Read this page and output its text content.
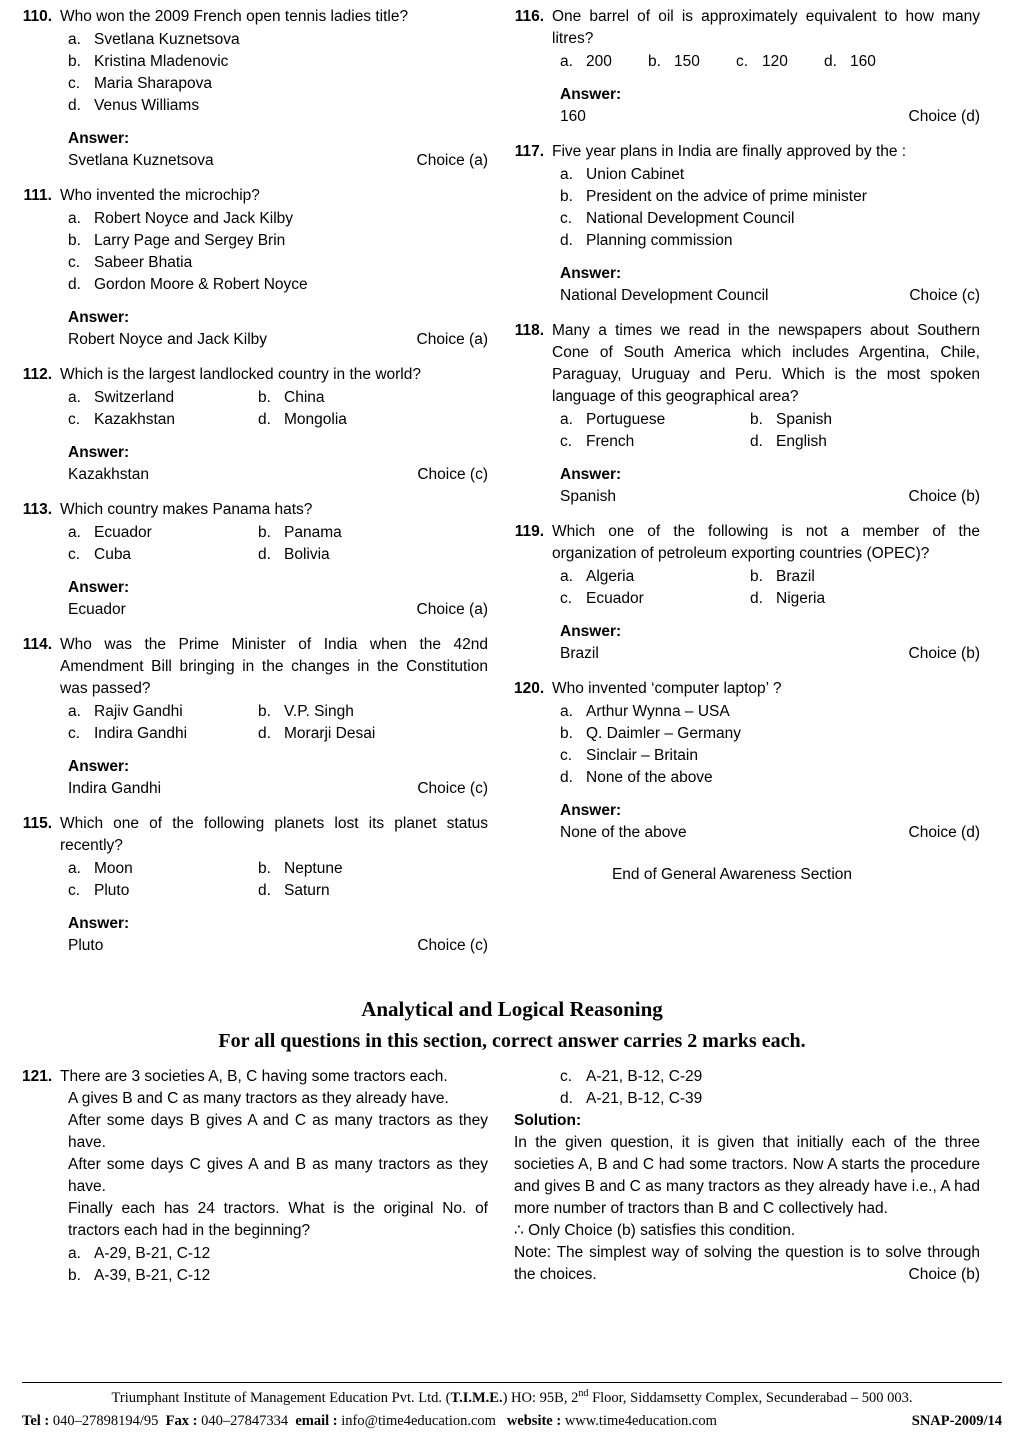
110. Who won the 2009 French open tennis ladies title?
a. Svetlana Kuznetsova
b. Kristina Mladenovic
c. Maria Sharapova
d. Venus Williams
Answer:
Svetlana Kuznetsova	Choice (a)
111. Who invented the microchip?
a. Robert Noyce and Jack Kilby
b. Larry Page and Sergey Brin
c. Sabeer Bhatia
d. Gordon Moore & Robert Noyce
Answer:
Robert Noyce and Jack Kilby	Choice (a)
112. Which is the largest landlocked country in the world?
a. Switzerland	b. China
c. Kazakhstan	d. Mongolia
Answer:
Kazakhstan	Choice (c)
113. Which country makes Panama hats?
a. Ecuador	b. Panama
c. Cuba	d. Bolivia
Answer:
Ecuador	Choice (a)
114. Who was the Prime Minister of India when the 42nd Amendment Bill bringing in the changes in the Constitution was passed?
a. Rajiv Gandhi	b. V.P. Singh
c. Indira Gandhi	d. Morarji Desai
Answer:
Indira Gandhi	Choice (c)
115. Which one of the following planets lost its planet status recently?
a. Moon	b. Neptune
c. Pluto	d. Saturn
Answer:
Pluto	Choice (c)
116. One barrel of oil is approximately equivalent to how many litres?
a. 200 b. 150 c. 120 d. 160
Answer:
160	Choice (d)
117. Five year plans in India are finally approved by the :
a. Union Cabinet
b. President on the advice of prime minister
c. National Development Council
d. Planning commission
Answer:
National Development Council	Choice (c)
118. Many a times we read in the newspapers about Southern Cone of South America which includes Argentina, Chile, Paraguay, Uruguay and Peru. Which is the most spoken language of this geographical area?
a. Portuguese	b. Spanish
c. French	d. English
Answer:
Spanish	Choice (b)
119. Which one of the following is not a member of the organization of petroleum exporting countries (OPEC)?
a. Algeria	b. Brazil
c. Ecuador	d. Nigeria
Answer:
Brazil	Choice (b)
120. Who invented ‘computer laptop’ ?
a. Arthur Wynna – USA
b. Q. Daimler – Germany
c. Sinclair – Britain
d. None of the above
Answer:
None of the above	Choice (d)
End of General Awareness Section
Analytical and Logical Reasoning
For all questions in this section, correct answer carries 2 marks each.
121. There are 3 societies A, B, C having some tractors each.
A gives B and C as many tractors as they already have.
After some days B gives A and C as many tractors as they have.
After some days C gives A and B as many tractors as they have.
Finally each has 24 tractors. What is the original No. of tractors each had in the beginning?
a. A-29, B-21, C-12
b. A-39, B-21, C-12
c. A-21, B-12, C-29
d. A-21, B-12, C-39
Solution:
In the given question, it is given that initially each of the three societies A, B and C had some tractors. Now A starts the procedure and gives B and C as many tractors as they already have i.e., A had more number of tractors than B and C collectively had.
∴ Only Choice (b) satisfies this condition.
Note: The simplest way of solving the question is to solve through the choices.	Choice (b)
Triumphant Institute of Management Education Pvt. Ltd. (T.I.M.E.) HO: 95B, 2nd Floor, Siddamsetty Complex, Secunderabad – 500 003.
Tel : 040–27898194/95 Fax : 040–27847334 email : info@time4education.com website : www.time4education.com	SNAP-2009/14
